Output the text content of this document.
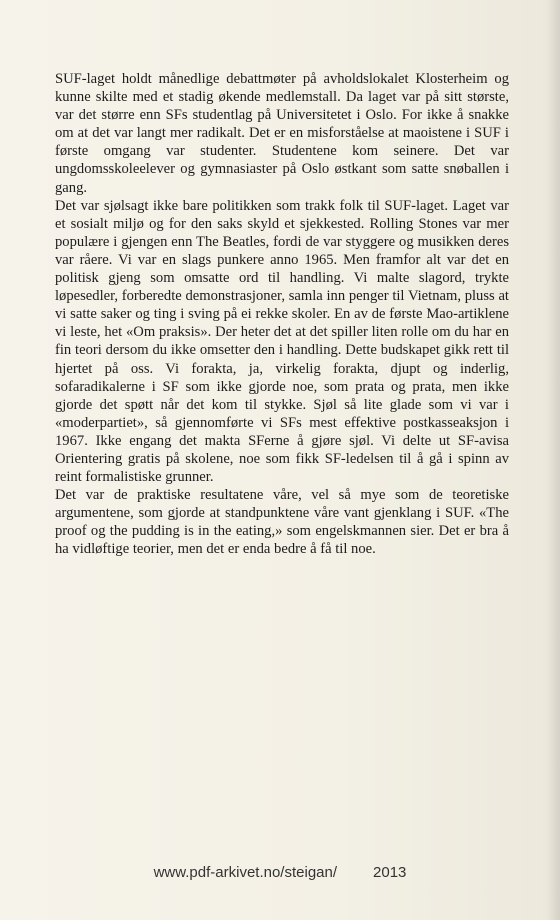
SUF-laget holdt månedlige debattmøter på avholdslokalet Klosterheim og kunne skilte med et stadig økende medlemstall. Da laget var på sitt største, var det større enn SFs studentlag på Universitetet i Oslo. For ikke å snakke om at det var langt mer radikalt. Det er en misforståelse at maoistene i SUF i første omgang var studenter. Studentene kom seinere. Det var ungdomsskoleelever og gymnasiaster på Oslo østkant som satte snøballen i gang.

Det var sjølsagt ikke bare politikken som trakk folk til SUF-laget. Laget var et sosialt miljø og for den saks skyld et sjekkested. Rolling Stones var mer populære i gjengen enn The Beatles, fordi de var styggere og musikken deres var råere. Vi var en slags punkere anno 1965. Men framfor alt var det en politisk gjeng som omsatte ord til handling. Vi malte slagord, trykte løpesedler, forberedte demonstrasjoner, samla inn penger til Vietnam, pluss at vi satte saker og ting i sving på ei rekke skoler. En av de første Mao-artiklene vi leste, het «Om praksis». Der heter det at det spiller liten rolle om du har en fin teori dersom du ikke omsetter den i handling. Dette budskapet gikk rett til hjertet på oss. Vi forakta, ja, virkelig forakta, djupt og inderlig, sofaradikalerne i SF som ikke gjorde noe, som prata og prata, men ikke gjorde det spøtt når det kom til stykke. Sjøl så lite glade som vi var i «moderpartiet», så gjennomførte vi SFs mest effektive postkasseaksjon i 1967. Ikke engang det makta SFerne å gjøre sjøl. Vi delte ut SF-avisa Orientering gratis på skolene, noe som fikk SF-ledelsen til å gå i spinn av reint formalistiske grunner.

Det var de praktiske resultatene våre, vel så mye som de teoretiske argumentene, som gjorde at standpunktene våre vant gjenklang i SUF. «The proof og the pudding is in the eating,» som engelskmannen sier. Det er bra å ha vidløftige teorier, men det er enda bedre å få til noe.

www.pdf-arkivet.no/steigan/ 2013
